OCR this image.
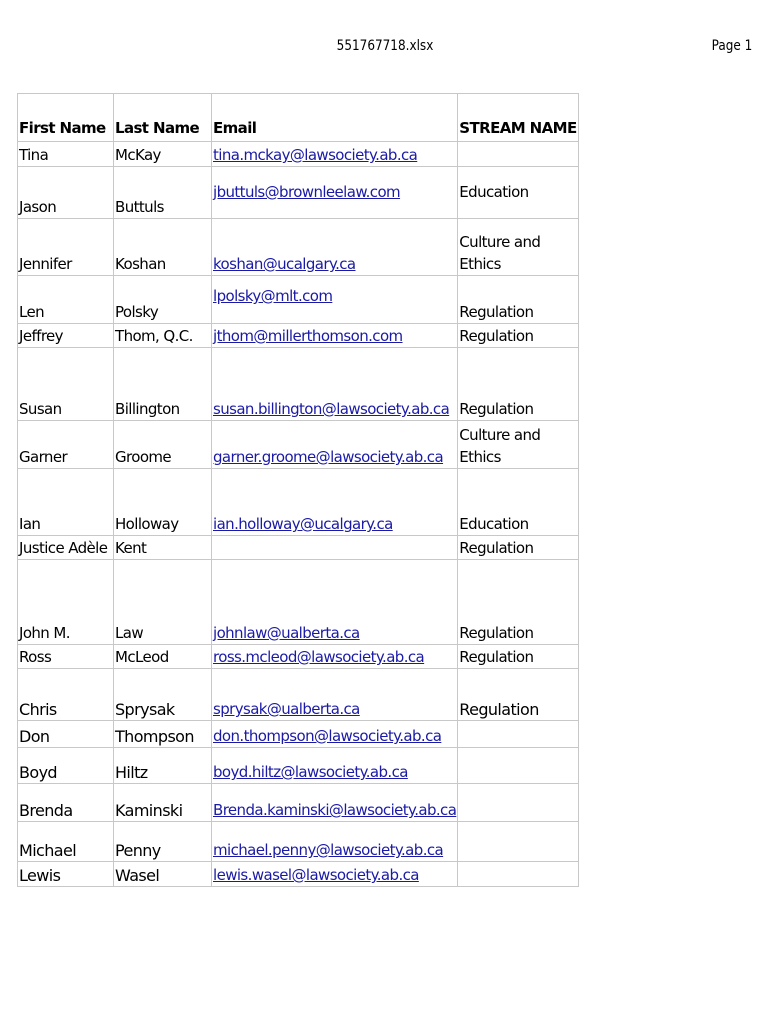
551767718.xlsx	Page 1
First Name	Last Name	Email	STREAM NAME
Tina	McKay	tina.mckay@lawsociety.ab.ca	
Jason	Buttuls	jbuttuls@brownleelaw.com	Education
Jennifer	Koshan	koshan@ucalgary.ca	Culture and Ethics
Len	Polsky	lpolsky@mlt.com	Regulation
Jeffrey	Thom, Q.C.	jthom@millerthomson.com	Regulation
Susan	Billington	susan.billington@lawsociety.ab.ca	Regulation
Garner	Groome	garner.groome@lawsociety.ab.ca	Culture and Ethics
Ian	Holloway	ian.holloway@ucalgary.ca	Education
Justice Adèle	Kent		Regulation
John M.	Law	johnlaw@ualberta.ca	Regulation
Ross	McLeod	ross.mcleod@lawsociety.ab.ca	Regulation
Chris	Sprysak	sprysak@ualberta.ca	Regulation
Don	Thompson	don.thompson@lawsociety.ab.ca	
Boyd	Hiltz	boyd.hiltz@lawsociety.ab.ca	
Brenda	Kaminski	Brenda.kaminski@lawsociety.ab.ca	
Michael	Penny	michael.penny@lawsociety.ab.ca	
Lewis	Wasel	lewis.wasel@lawsociety.ab.ca	
